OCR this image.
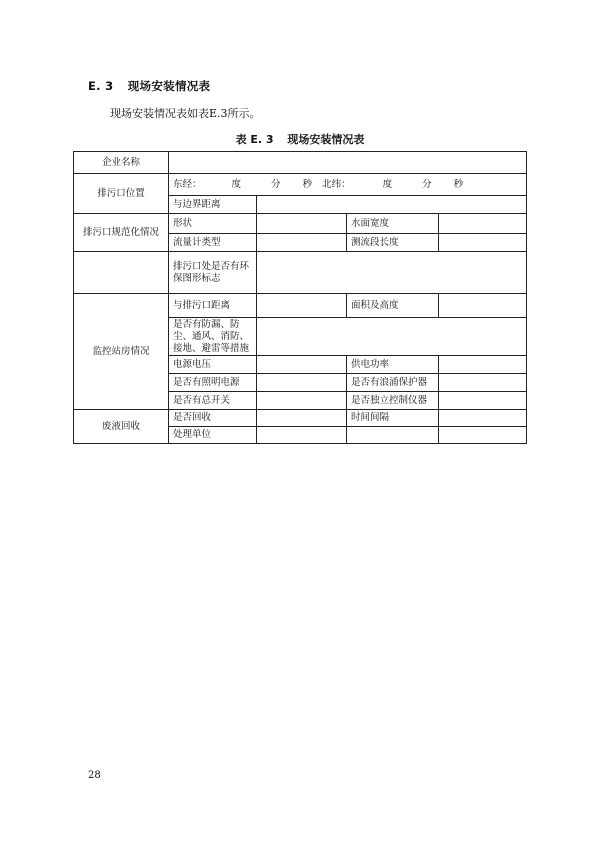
E. 3 现场安装情况表
现场安装情况表如表E.3所示。
表 E. 3 现场安装情况表
企业名称				
排污口位置	东经： 度 分 秒 北纬： 度 分 秒			
	与边界距离			
排污口规范化情况	形状		水面宽度	
	流量计类型		测流段长度	
	排污口处是否有环保图形标志			
监控站房情况	与排污口距离		面积及高度	
	是否有防漏、防尘、通风、消防、接地、避雷等措施			
	电源电压		供电功率	
	是否有照明电源		是否有浪涌保护器	
	是否有总开关		是否独立控制仪器	
废液回收	是否回收		时间间隔	
	处理单位			
28
